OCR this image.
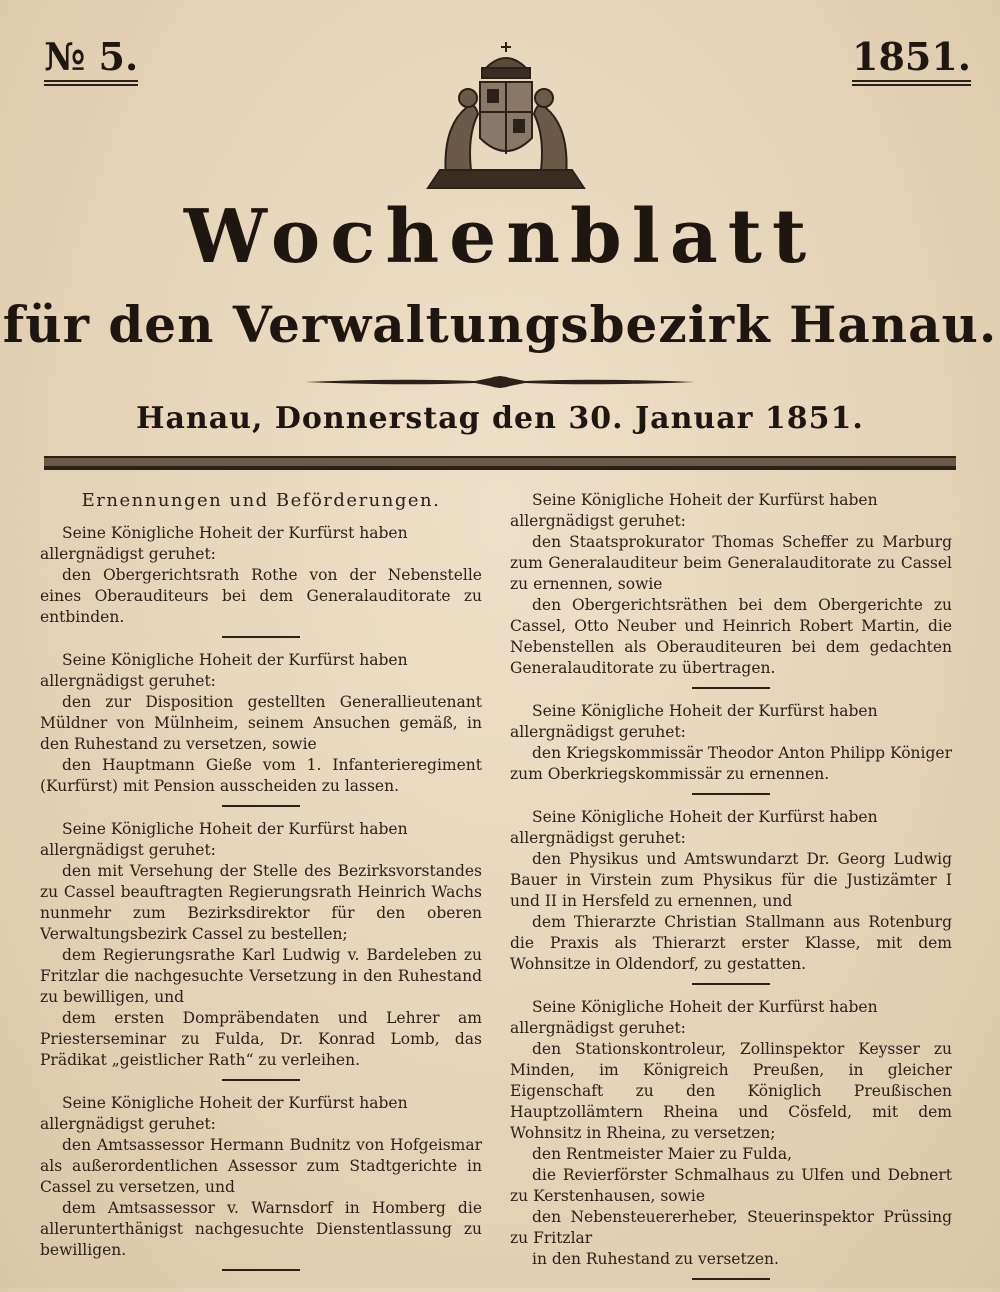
№ 5.	1851.
Wochenblatt
für den Verwaltungsbezirk Hanau.
Hanau, Donnerstag den 30. Januar 1851.

Ernennungen und Beförderungen.

Seine Königliche Hoheit der Kurfürst haben allergnädigst geruhet:

den Obergerichtsrath Rothe von der Nebenstelle eines Oberauditeurs bei dem Generalauditorate zu entbinden.

Seine Königliche Hoheit der Kurfürst haben allergnädigst geruhet:

den zur Disposition gestellten Generallieutenant Müldner von Mülnheim, seinem Ansuchen gemäß, in den Ruhestand zu versetzen, sowie

den Hauptmann Gieße vom 1. Infanterieregiment (Kurfürst) mit Pension ausscheiden zu lassen.

Seine Königliche Hoheit der Kurfürst haben allergnädigst geruhet:

den mit Versehung der Stelle des Bezirksvorstandes zu Cassel beauftragten Regierungsrath Heinrich Wachs nunmehr zum Bezirksdirektor für den oberen Verwaltungsbezirk Cassel zu bestellen;

dem Regierungsrathe Karl Ludwig v. Bardeleben zu Fritzlar die nachgesuchte Versetzung in den Ruhestand zu bewilligen, und

dem ersten Dompräbendaten und Lehrer am Priesterseminar zu Fulda, Dr. Konrad Lomb, das Prädikat „geistlicher Rath“ zu verleihen.

Seine Königliche Hoheit der Kurfürst haben allergnädigst geruhet:

den Amtsassessor Hermann Budnitz von Hofgeismar als außerordentlichen Assessor zum Stadtgerichte in Cassel zu versetzen, und

dem Amtsassessor v. Warnsdorf in Homberg die allerunterthänigst nachgesuchte Dienstentlassung zu bewilligen.

Seine Königliche Hoheit der Kurfürst haben allergnädigst geruhet:

den Staatsprokurator Thomas Scheffer zu Marburg zum Generalauditeur beim Generalauditorate zu Cassel zu ernennen, sowie

den Obergerichtsräthen bei dem Obergerichte zu Cassel, Otto Neuber und Heinrich Robert Martin, die Nebenstellen als Oberauditeuren bei dem gedachten Generalauditorate zu übertragen.

Seine Königliche Hoheit der Kurfürst haben allergnädigst geruhet:

den Kriegskommissär Theodor Anton Philipp Königer zum Oberkriegskommissär zu ernennen.

Seine Königliche Hoheit der Kurfürst haben allergnädigst geruhet:

den Physikus und Amtswundarzt Dr. Georg Ludwig Bauer in Virstein zum Physikus für die Justizämter I und II in Hersfeld zu ernennen, und

dem Thierarzte Christian Stallmann aus Rotenburg die Praxis als Thierarzt erster Klasse, mit dem Wohnsitze in Oldendorf, zu gestatten.

Seine Königliche Hoheit der Kurfürst haben allergnädigst geruhet:

den Stationskontroleur, Zollinspektor Keysser zu Minden, im Königreich Preußen, in gleicher Eigenschaft zu den Königlich Preußischen Hauptzollämtern Rheina und Cösfeld, mit dem Wohnsitz in Rheina, zu versetzen;

den Rentmeister Maier zu Fulda,

die Revierförster Schmalhaus zu Ulfen und Debnert zu Kerstenhausen, sowie

den Nebensteuererheber, Steuerinspektor Prüssing zu Fritzlar

in den Ruhestand zu versetzen.
